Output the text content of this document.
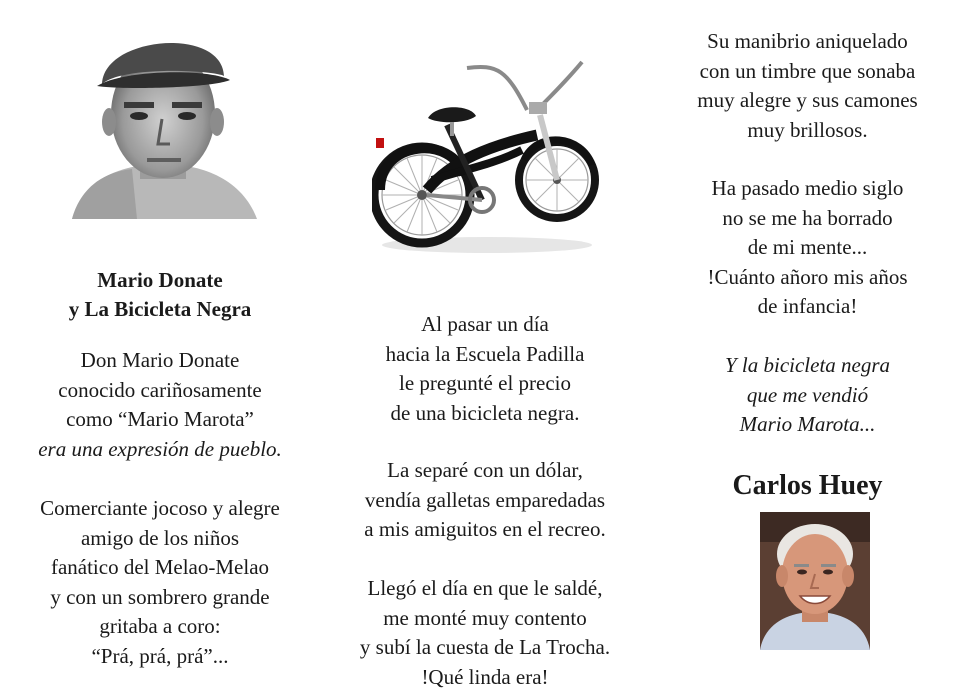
Mario Donate
y La Bicicleta Negra
Don Mario Donate
conocido cariñosamente
como “Mario Marota”
era una expresión de pueblo.
Comerciante jocoso y alegre
amigo de los niños
fanático del Melao-Melao
y con un sombrero grande
gritaba a coro:
“Prá, prá, prá”...
Al pasar un día
hacia la Escuela Padilla
le pregunté el precio
de una bicicleta negra.
La separé con un dólar,
vendía galletas emparedadas
a mis amiguitos en el recreo.
Llegó el día en que le saldé,
me monté muy contento
y subí la cuesta de La Trocha.
!Qué linda era!
Su manibrio aniquelado
con un timbre que sonaba
muy alegre y sus camones
muy brillosos.
Ha pasado medio siglo
no se me ha borrado
de mi mente...
!Cuánto añoro mis años
de infancia!
Y la bicicleta negra
que me vendió
Mario Marota...
Carlos Huey
